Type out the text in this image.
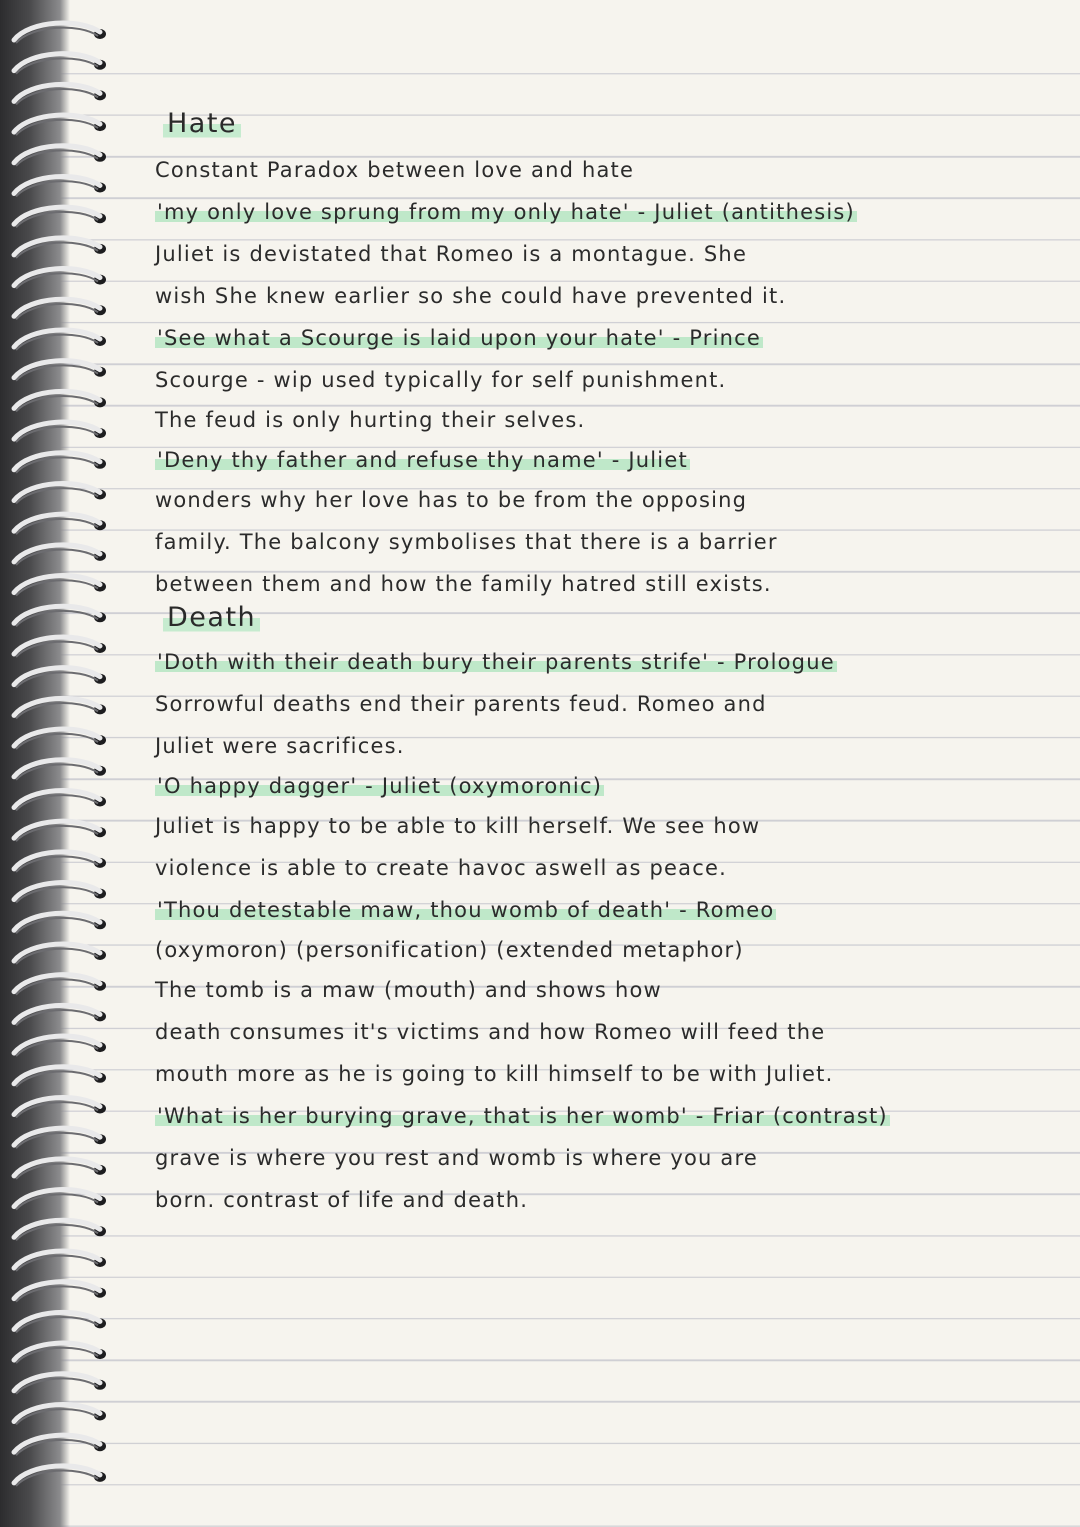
Hate
Constant Paradox between love and hate
'my only love sprung from my only hate' - Juliet (antithesis)
Juliet is devistated that Romeo is a montague. She
wish She knew earlier so she could have prevented it.
'See what a Scourge is laid upon your hate' - Prince
Scourge - wip used typically for self punishment.
The feud is only hurting their selves.
'Deny thy father and refuse thy name' - Juliet
wonders why her love has to be from the opposing
family. The balcony symbolises that there is a barrier
between them and how the family hatred still exists.
Death
'Doth with their death bury their parents strife' - Prologue
Sorrowful deaths end their parents feud. Romeo and
Juliet were sacrifices.
'O happy dagger' - Juliet (oxymoronic)
Juliet is happy to be able to kill herself. We see how
violence is able to create havoc aswell as peace.
'Thou detestable maw, thou womb of death' - Romeo
(oxymoron) (personification) (extended metaphor)
The tomb is a maw (mouth) and shows how
death consumes it's victims and how Romeo will feed the
mouth more as he is going to kill himself to be with Juliet.
'What is her burying grave, that is her womb' - Friar (contrast)
grave is where you rest and womb is where you are
born. contrast of life and death.
